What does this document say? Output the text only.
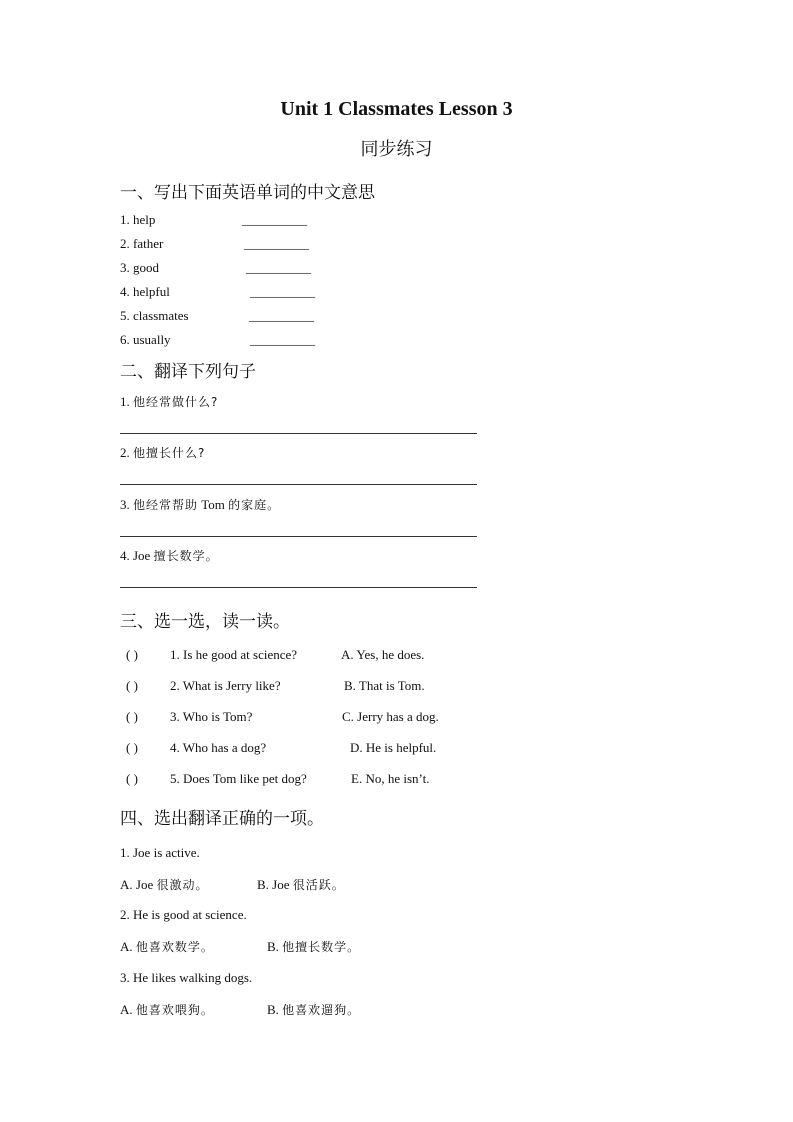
Unit 1 Classmates Lesson 3
同步练习
一、写出下面英语单词的中文意思
1. help	__________
2. father	__________
3. good	__________
4. helpful	__________
5. classmates	__________
6. usually	__________
二、翻译下列句子
1. 他经常做什么?
2. 他擅长什么?
3. 他经常帮助 Tom 的家庭。
4. Joe 擅长数学。
三、选一选，读一读。
( ) 1. Is he good at science?	A. Yes, he does.
( ) 2. What is Jerry like?	B. That is Tom.
( ) 3. Who is Tom?	C. Jerry has a dog.
( ) 4. Who has a dog?	D. He is helpful.
( ) 5. Does Tom like pet dog?	E. No, he isn’t.
四、选出翻译正确的一项。
1. Joe is active.
A. Joe 很激动。	B. Joe 很活跃。
2. He is good at science.
A. 他喜欢数学。	B. 他擅长数学。
3. He likes walking dogs.
A. 他喜欢喂狗。	B. 他喜欢遛狗。
